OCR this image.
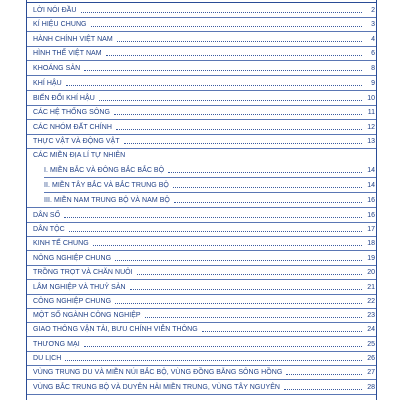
LỜI NÓI ĐẦU	2
KÍ HIỆU CHUNG	3
HÀNH CHÍNH VIỆT NAM	4
HÌNH THỂ VIỆT NAM	6
KHOÁNG SẢN	8
KHÍ HẬU	9
BIẾN ĐỔI KHÍ HẬU	10
CÁC HỆ THỐNG SÔNG	11
CÁC NHÓM ĐẤT CHÍNH	12
THỰC VẬT VÀ ĐỘNG VẬT	13
CÁC MIỀN ĐỊA LÍ TỰ NHIÊN
I. MIỀN BẮC VÀ ĐÔNG BẮC BẮC BỘ	14
II. MIỀN TÂY BẮC VÀ BẮC TRUNG BỘ	14
III. MIỀN NAM TRUNG BỘ VÀ NAM BỘ	16
DÂN SỐ	16
DÂN TỘC	17
KINH TẾ CHUNG	18
NÔNG NGHIỆP CHUNG	19
TRỒNG TRỌT VÀ CHĂN NUÔI	20
LÂM NGHIỆP VÀ THUỶ SẢN	21
CÔNG NGHIỆP CHUNG	22
MỘT SỐ NGÀNH CÔNG NGHIỆP	23
GIAO THÔNG VẬN TẢI, BƯU CHÍNH VIỄN THÔNG	24
THƯƠNG MẠI	25
DU LỊCH	26
VÙNG TRUNG DU VÀ MIỀN NÚI BẮC BỘ, VÙNG ĐỒNG BẰNG SÔNG HỒNG	27
VÙNG BẮC TRUNG BỘ VÀ DUYÊN HẢI MIỀN TRUNG, VÙNG TÂY NGUYÊN	28
